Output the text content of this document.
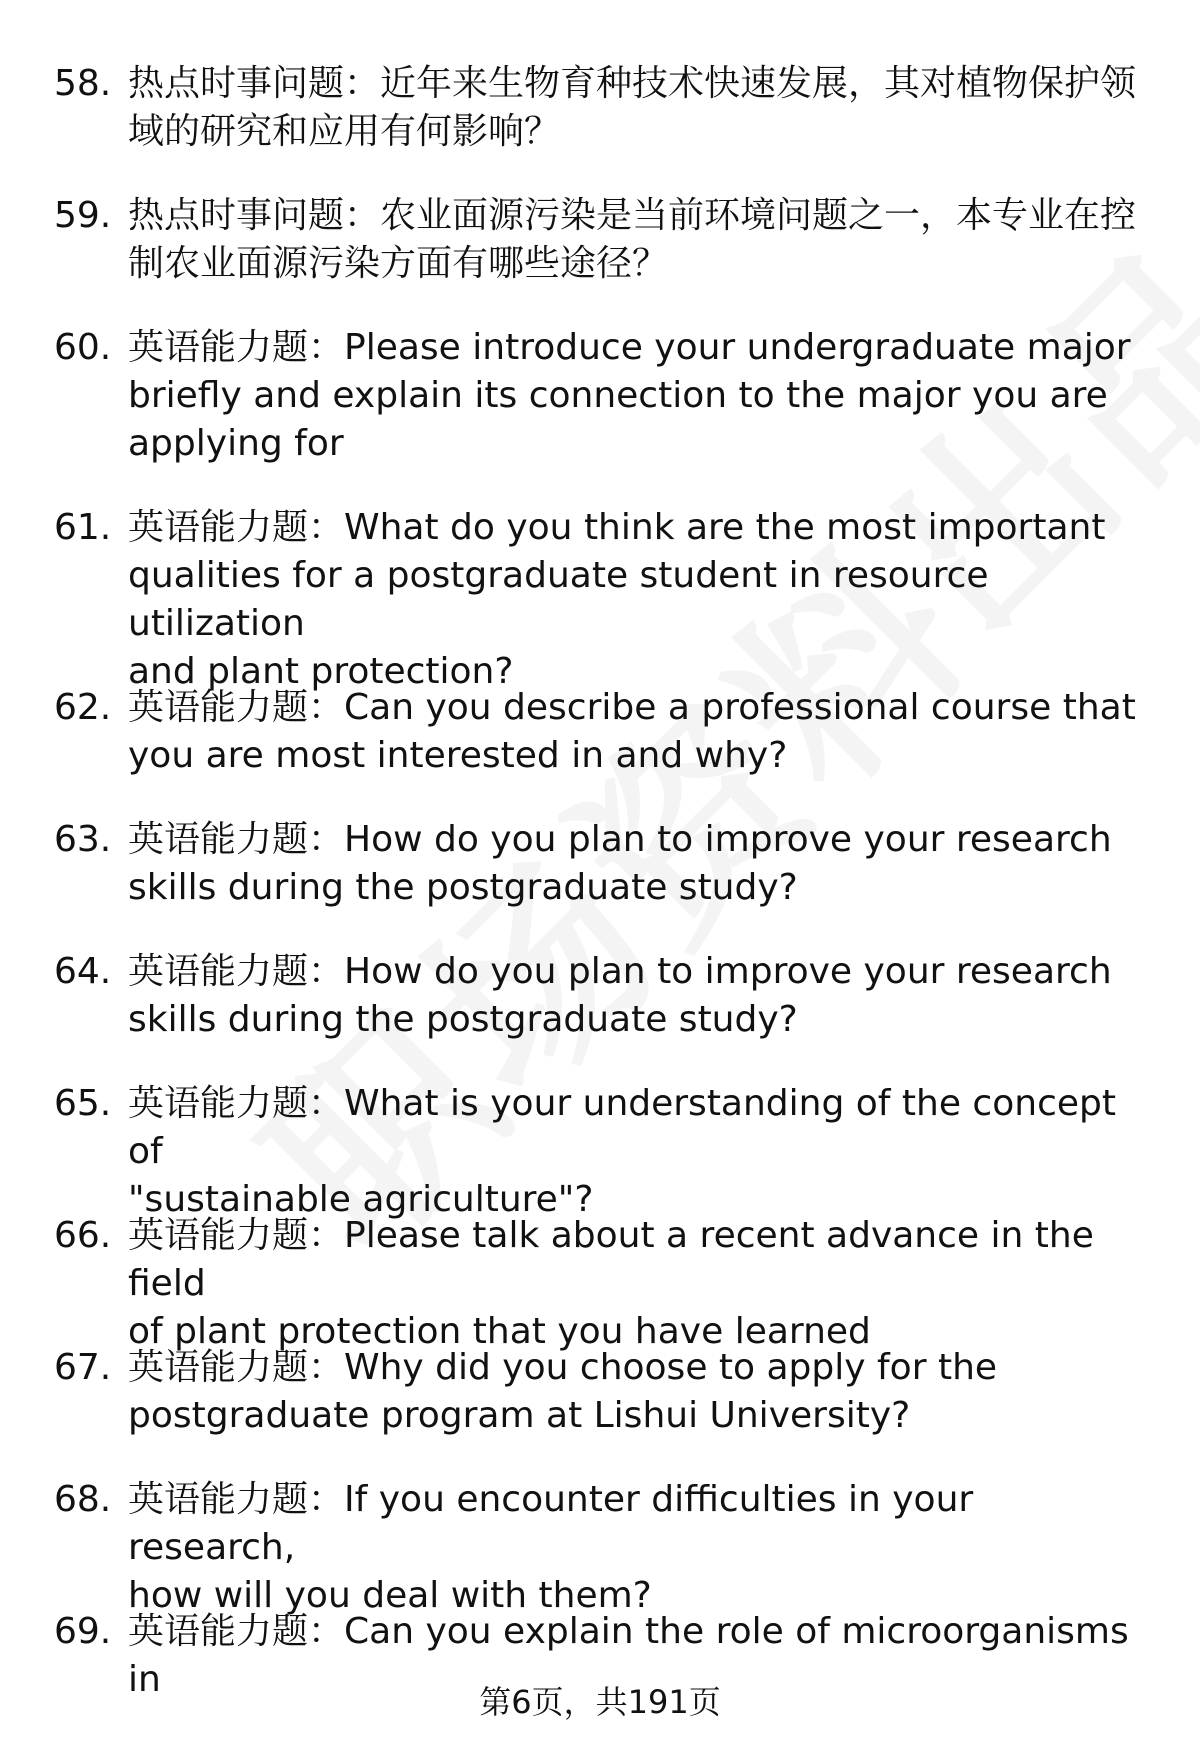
58. 热点时事问题：近年来生物育种技术快速发展，其对植物保护领
域的研究和应用有何影响？
59. 热点时事问题：农业面源污染是当前环境问题之一，本专业在控
制农业面源污染方面有哪些途径？
60. 英语能力题：Please introduce your undergraduate major
briefly and explain its connection to the major you are
applying for
61. 英语能力题：What do you think are the most important
qualities for a postgraduate student in resource utilization
and plant protection?
62. 英语能力题：Can you describe a professional course that
you are most interested in and why?
63. 英语能力题：How do you plan to improve your research
skills during the postgraduate study?
64. 英语能力题：How do you plan to improve your research
skills during the postgraduate study?
65. 英语能力题：What is your understanding of the concept of
"sustainable agriculture"?
66. 英语能力题：Please talk about a recent advance in the field
of plant protection that you have learned
67. 英语能力题：Why did you choose to apply for the
postgraduate program at Lishui University?
68. 英语能力题：If you encounter difficulties in your research,
how will you deal with them?
69. 英语能力题：Can you explain the role of microorganisms in
第6页，共191页
